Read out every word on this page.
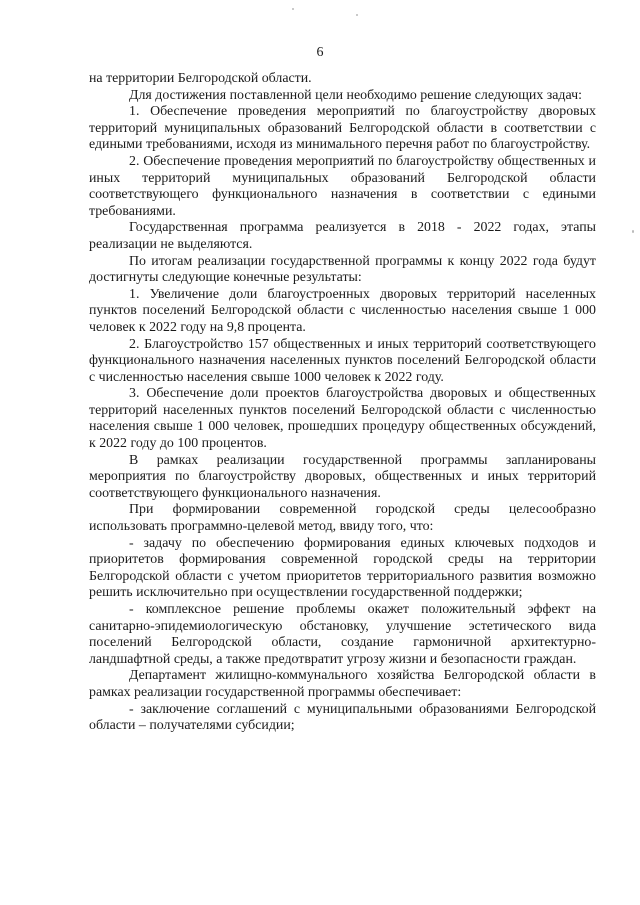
6

на территории Белгородской области.

Для достижения поставленной цели необходимо решение следующих задач:

1. Обеспечение проведения мероприятий по благоустройству дворовых территорий муниципальных образований Белгородской области в соответствии с едиными требованиями, исходя из минимального перечня работ по благоустройству.

2. Обеспечение проведения мероприятий по благоустройству общественных и иных территорий муниципальных образований Белгородской области соответствующего функционального назначения в соответствии с едиными требованиями.

Государственная программа реализуется в 2018 - 2022 годах, этапы реализации не выделяются.

По итогам реализации государственной программы к концу 2022 года будут достигнуты следующие конечные результаты:

1. Увеличение доли благоустроенных дворовых территорий населенных пунктов поселений Белгородской области с численностью населения свыше 1 000 человек к 2022 году на 9,8 процента.

2. Благоустройство 157 общественных и иных территорий соответствующего функционального назначения населенных пунктов поселений Белгородской области с численностью населения свыше 1000 человек к 2022 году.

3. Обеспечение доли проектов благоустройства дворовых и общественных территорий населенных пунктов поселений Белгородской области с численностью населения свыше 1 000 человек, прошедших процедуру общественных обсуждений, к 2022 году до 100 процентов.

В рамках реализации государственной программы запланированы мероприятия по благоустройству дворовых, общественных и иных территорий соответствующего функционального назначения.

При формировании современной городской среды целесообразно использовать программно-целевой метод, ввиду того, что:

- задачу по обеспечению формирования единых ключевых подходов и приоритетов формирования современной городской среды на территории Белгородской области с учетом приоритетов территориального развития возможно решить исключительно при осуществлении государственной поддержки;

- комплексное решение проблемы окажет положительный эффект на санитарно-эпидемиологическую обстановку, улучшение эстетического вида поселений Белгородской области, создание гармоничной архитектурно-ландшафтной среды, а также предотвратит угрозу жизни и безопасности граждан.

Департамент жилищно-коммунального хозяйства Белгородской области в рамках реализации государственной программы обеспечивает:

- заключение соглашений с муниципальными образованиями Белгородской области – получателями субсидии;
